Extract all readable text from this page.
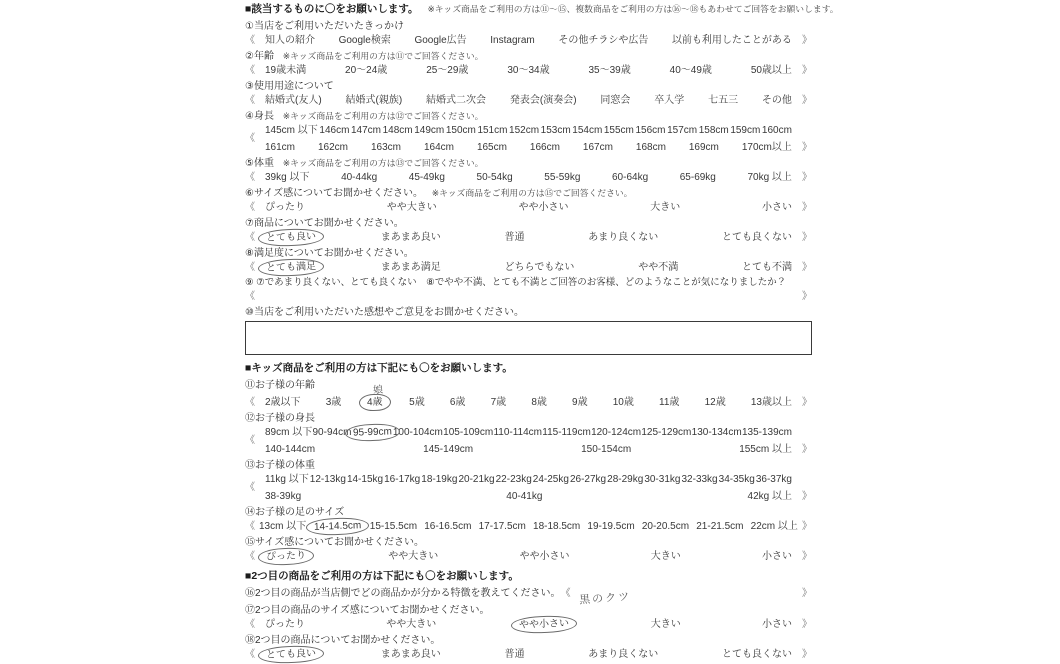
■該当するものに〇をお願いします。 ※キッズ商品をご利用の方は⑪～⑮、複数商品をご利用の方は⑯～⑱もあわせてご回答をお願いします。
①当店をご利用いただいたきっかけ
《 知人の紹介 Google検索 Google広告 Instagram その他チラシや広告 以前も利用したことがある 》
②年齢 ※キッズ商品をご利用の方は⑪でご回答ください。
《 19歳未満	20～24歳	25～29歳	30～34歳	35～39歳	40～49歳	50歳以上 》
③使用用途について
《 結婚式(友人) 結婚式(親族) 結婚式二次会 発表会(演奏会) 同窓会 卒入学 七五三 その他 》
④身長 ※キッズ商品をご利用の方は⑫でご回答ください。
《
145cm 以下 146cm 147cm 148cm 149cm 150cm 151cm 152cm 153cm 154cm 155cm 156cm 157cm 158cm 159cm 160cm
161cm 162cm 163cm 164cm 165cm 166cm 167cm 168cm 169cm 170cm以上 》
⑤体重 ※キッズ商品をご利用の方は⑬でご回答ください。
《 39kg 以下	40-44kg	45-49kg	50-54kg	55-59kg	60-64kg	65-69kg	70kg 以上 》
⑥サイズ感についてお聞かせください。 ※キッズ商品をご利用の方は⑮でご回答ください。
《 ぴったり	やや大きい	やや小さい	大きい	小さい 》
⑦商品についてお聞かせください。
《	とても良い	まあまあ良い	普通	あまり良くない	とても良くない 》
⑧満足度についてお聞かせください。
《	とても満足	まあまあ満足	どちらでもない	やや不満	とても不満 》
⑨ ⑦であまり良くない、とても良くない　⑧でやや不満、とても不満とご回答のお客様、どのようなことが気になりましたか？
《	》
⑩当店をご利用いただいた感想やご意見をお聞かせください。
■キッズ商品をご利用の方は下記にも〇をお願いします。
⑪お子様の年齢	娘
《 2歳以下	3歳	4歳	5歳	6歳	7歳	8歳	9歳	10歳	11歳	12歳	13歳以上 》
⑫お子様の身長
《
89cm 以下 90-94cm 95-99cm 100-104cm 105-109cm 110-114cm 115-119cm 120-124cm 125-129cm 130-134cm 135-139cm
140-144cm	145-149cm	150-154cm	155cm 以上 》
⑬お子様の体重
《
11kg 以下 12-13kg 14-15kg 16-17kg 18-19kg 20-21kg 22-23kg 24-25kg 26-27kg 28-29kg 30-31kg 32-33kg 34-35kg 36-37kg
38-39kg	40-41kg	42kg 以上 》
⑭お子様の足のサイズ
《 13cm 以下 14-14.5cm 15-15.5cm 16-16.5cm 17-17.5cm 18-18.5cm 19-19.5cm 20-20.5cm 21-21.5cm 22cm 以上 》
⑮サイズ感についてお聞かせください。
《	ぴったり	やや大きい	やや小さい	大きい	小さい 》
■2つ目の商品をご利用の方は下記にも〇をお願いします。
⑯2つ目の商品が当店側でどの商品かが分かる特徴を教えてください。 《 黒のクツ	》
⑰2つ目の商品のサイズ感についてお聞かせください。
《 ぴったり	やや大きい	やや小さい	大きい	小さい 》
⑱2つ目の商品についてお聞かせください。
《	とても良い	まあまあ良い	普通	あまり良くない	とても良くない 》
